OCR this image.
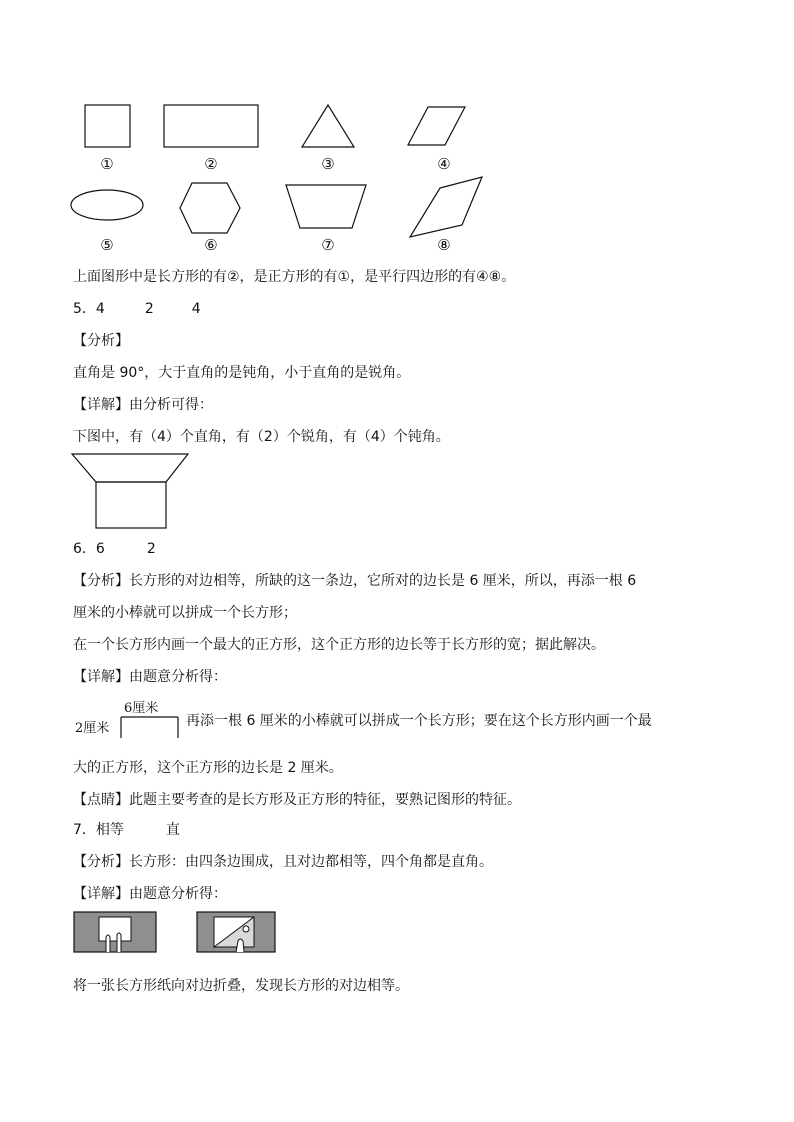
①	②	③	④
⑤	⑥	⑦	⑧
上面图形中是长方形的有②，是正方形的有①，是平行四边形的有④⑧。
5．4	2	4
【分析】
直角是 90°，大于直角的是钝角，小于直角的是锐角。
【详解】由分析可得：
下图中，有（4）个直角，有（2）个锐角，有（4）个钝角。
6．6	2
【分析】长方形的对边相等，所缺的这一条边，它所对的边长是 6 厘米，所以，再添一根 6
厘米的小棒就可以拼成一个长方形；
在一个长方形内画一个最大的正方形，这个正方形的边长等于长方形的宽；据此解决。
【详解】由题意分析得：
6厘米
2厘米	再添一根 6 厘米的小棒就可以拼成一个长方形；要在这个长方形内画一个最
大的正方形，这个正方形的边长是 2 厘米。
【点睛】此题主要考查的是长方形及正方形的特征，要熟记图形的特征。
7．相等	直
【分析】长方形：由四条边围成，且对边都相等，四个角都是直角。
【详解】由题意分析得：
将一张长方形纸向对边折叠，发现长方形的对边相等。
